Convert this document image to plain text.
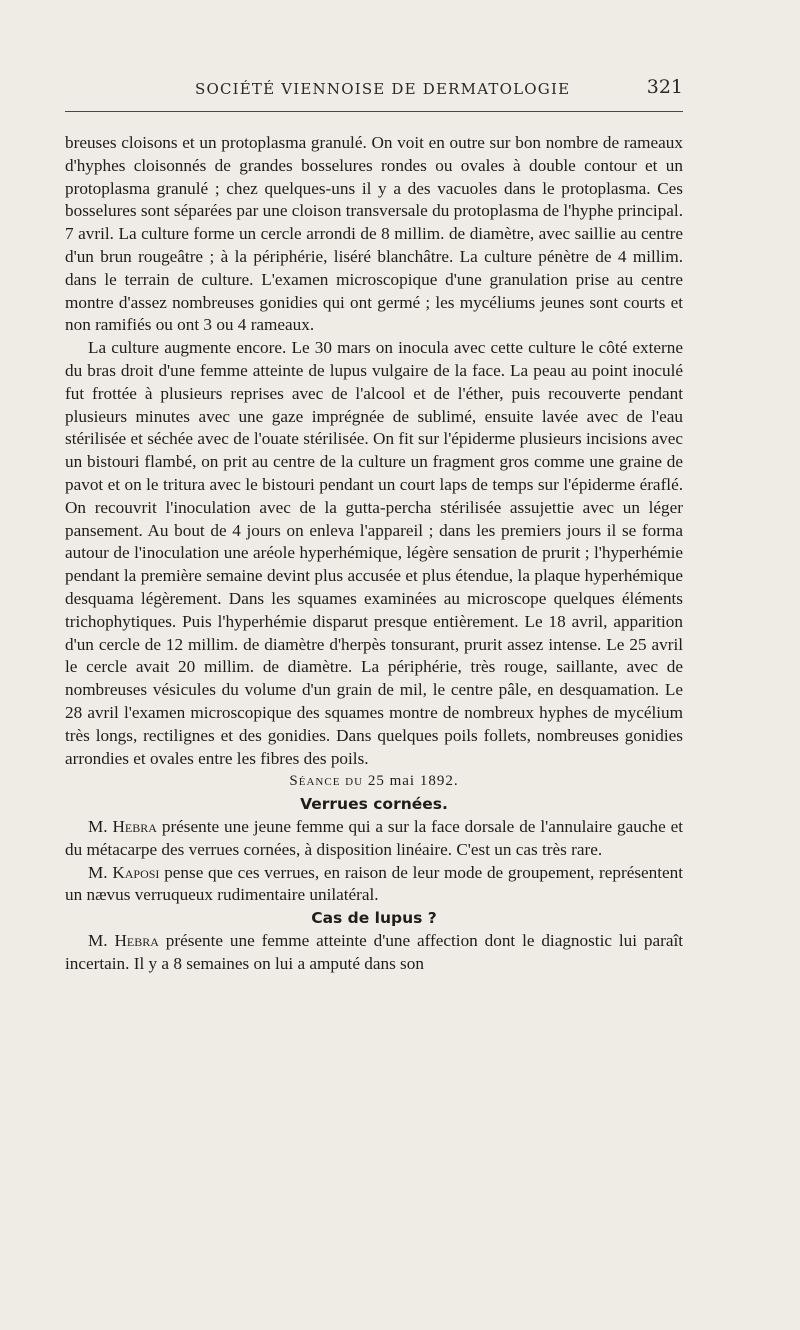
SOCIÉTÉ VIENNOISE DE DERMATOLOGIE	321

breuses cloisons et un protoplasma granulé. On voit en outre sur bon nombre de rameaux d'hyphes cloisonnés de grandes bosselures rondes ou ovales à double contour et un protoplasma granulé ; chez quelques-uns il y a des vacuoles dans le protoplasma. Ces bosselures sont séparées par une cloison transversale du protoplasma de l'hyphe principal. 7 avril. La culture forme un cercle arrondi de 8 millim. de diamètre, avec saillie au centre d'un brun rougeâtre ; à la périphérie, liséré blanchâtre. La culture pénètre de 4 millim. dans le terrain de culture. L'examen microscopique d'une granulation prise au centre montre d'assez nombreuses gonidies qui ont germé ; les mycéliums jeunes sont courts et non ramifiés ou ont 3 ou 4 rameaux.

La culture augmente encore. Le 30 mars on inocula avec cette culture le côté externe du bras droit d'une femme atteinte de lupus vulgaire de la face. La peau au point inoculé fut frottée à plusieurs reprises avec de l'alcool et de l'éther, puis recouverte pendant plusieurs minutes avec une gaze imprégnée de sublimé, ensuite lavée avec de l'eau stérilisée et séchée avec de l'ouate stérilisée. On fit sur l'épiderme plusieurs incisions avec un bistouri flambé, on prit au centre de la culture un fragment gros comme une graine de pavot et on le tritura avec le bistouri pendant un court laps de temps sur l'épiderme éraflé. On recouvrit l'inoculation avec de la gutta-percha stérilisée assujettie avec un léger pansement. Au bout de 4 jours on enleva l'appareil ; dans les premiers jours il se forma autour de l'inoculation une aréole hyperhémique, légère sensation de prurit ; l'hyperhémie pendant la première semaine devint plus accusée et plus étendue, la plaque hyperhémique desquama légèrement. Dans les squames examinées au microscope quelques éléments trichophytiques. Puis l'hyperhémie disparut presque entièrement. Le 18 avril, apparition d'un cercle de 12 millim. de diamètre d'herpès tonsurant, prurit assez intense. Le 25 avril le cercle avait 20 millim. de diamètre. La périphérie, très rouge, saillante, avec de nombreuses vésicules du volume d'un grain de mil, le centre pâle, en desquamation. Le 28 avril l'examen microscopique des squames montre de nombreux hyphes de mycélium très longs, rectilignes et des gonidies. Dans quelques poils follets, nombreuses gonidies arrondies et ovales entre les fibres des poils.

Séance du 25 mai 1892.

Verrues cornées.

M. Hebra présente une jeune femme qui a sur la face dorsale de l'annulaire gauche et du métacarpe des verrues cornées, à disposition linéaire. C'est un cas très rare.

M. Kaposi pense que ces verrues, en raison de leur mode de groupement, représentent un nævus verruqueux rudimentaire unilatéral.

Cas de lupus ?

M. Hebra présente une femme atteinte d'une affection dont le diagnostic lui paraît incertain. Il y a 8 semaines on lui a amputé dans son
